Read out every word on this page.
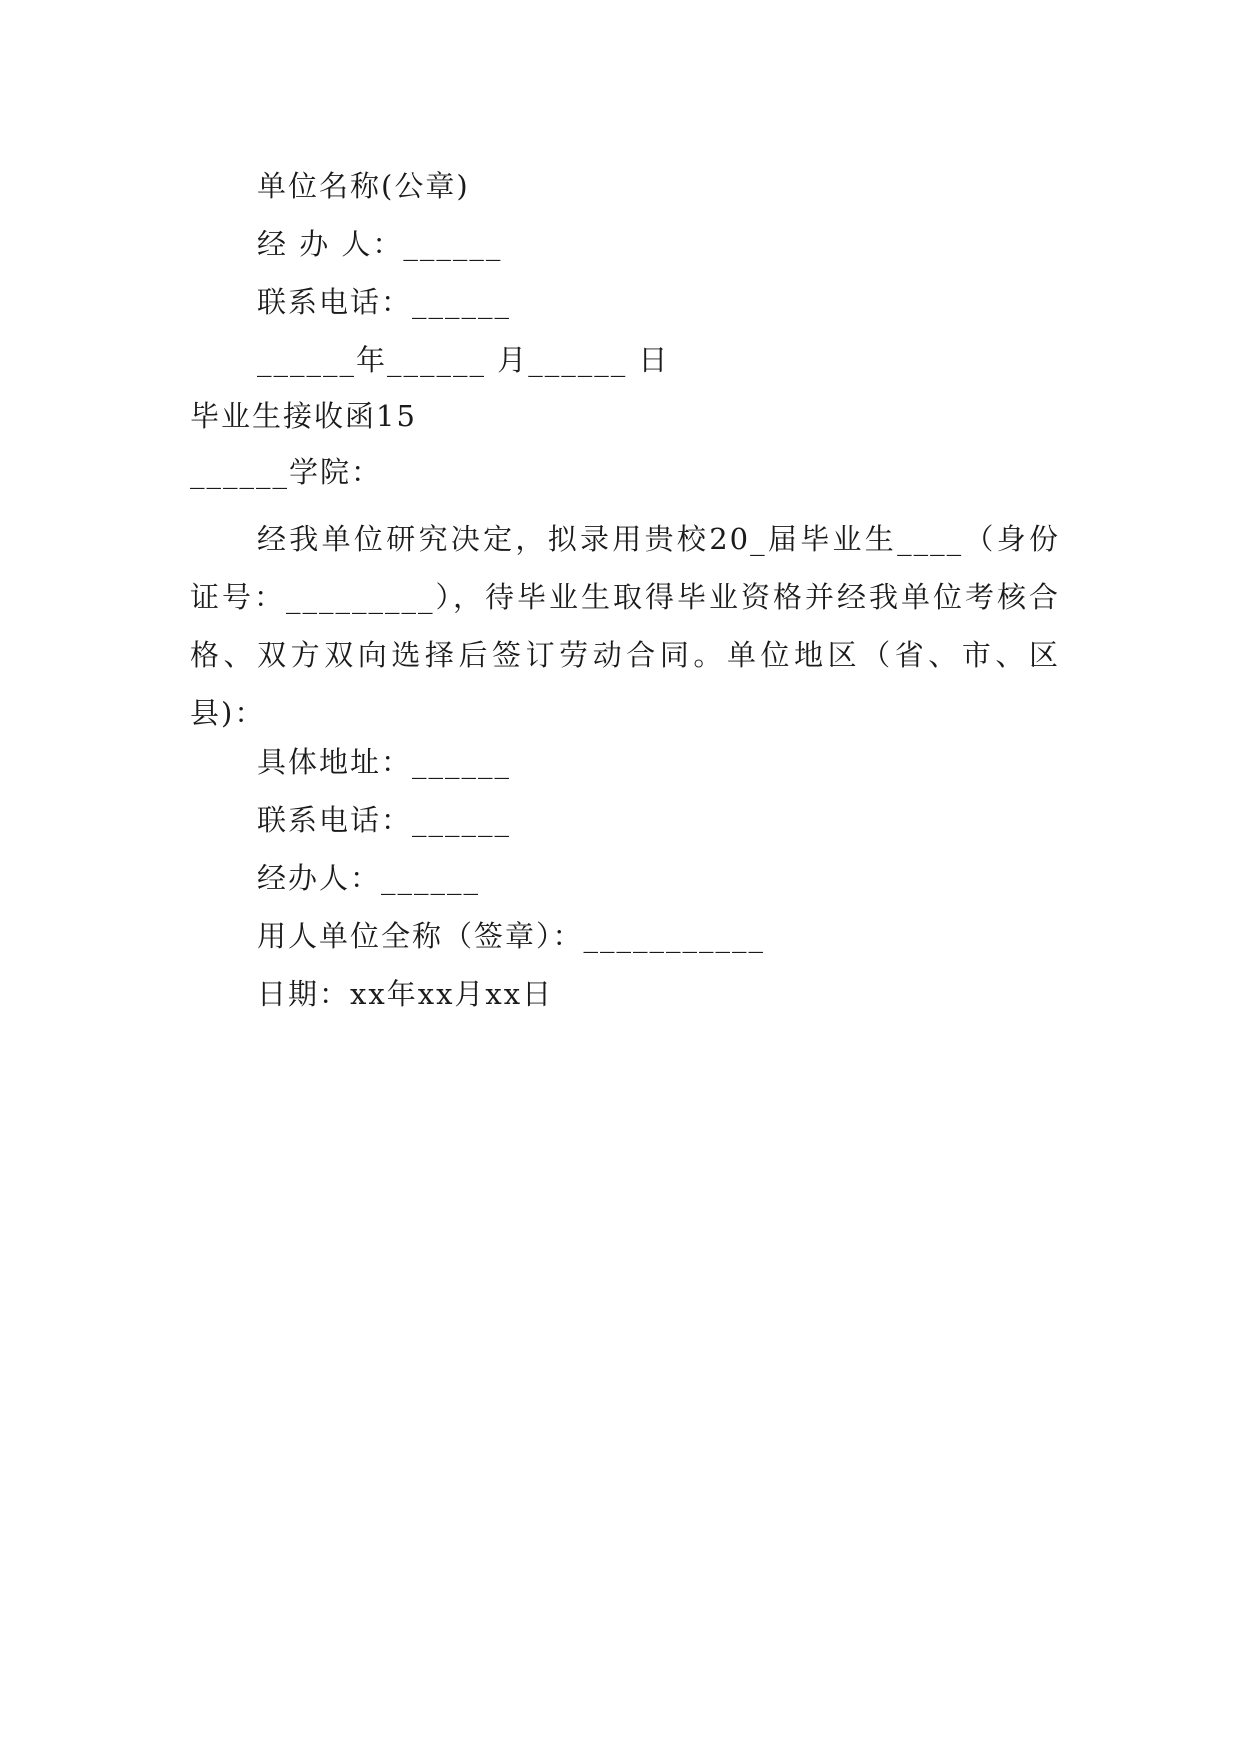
单位名称(公章)
经 办 人：______
联系电话：______
______年______ 月______ 日
毕业生接收函15
______学院：
经我单位研究决定，拟录用贵校20_届毕业生____（身份证号：_________），待毕业生取得毕业资格并经我单位考核合格、双方双向选择后签订劳动合同。单位地区（省、市、区县)：
具体地址：______
联系电话：______
经办人：______
用人单位全称（签章）：___________
日期：xx年xx月xx日
